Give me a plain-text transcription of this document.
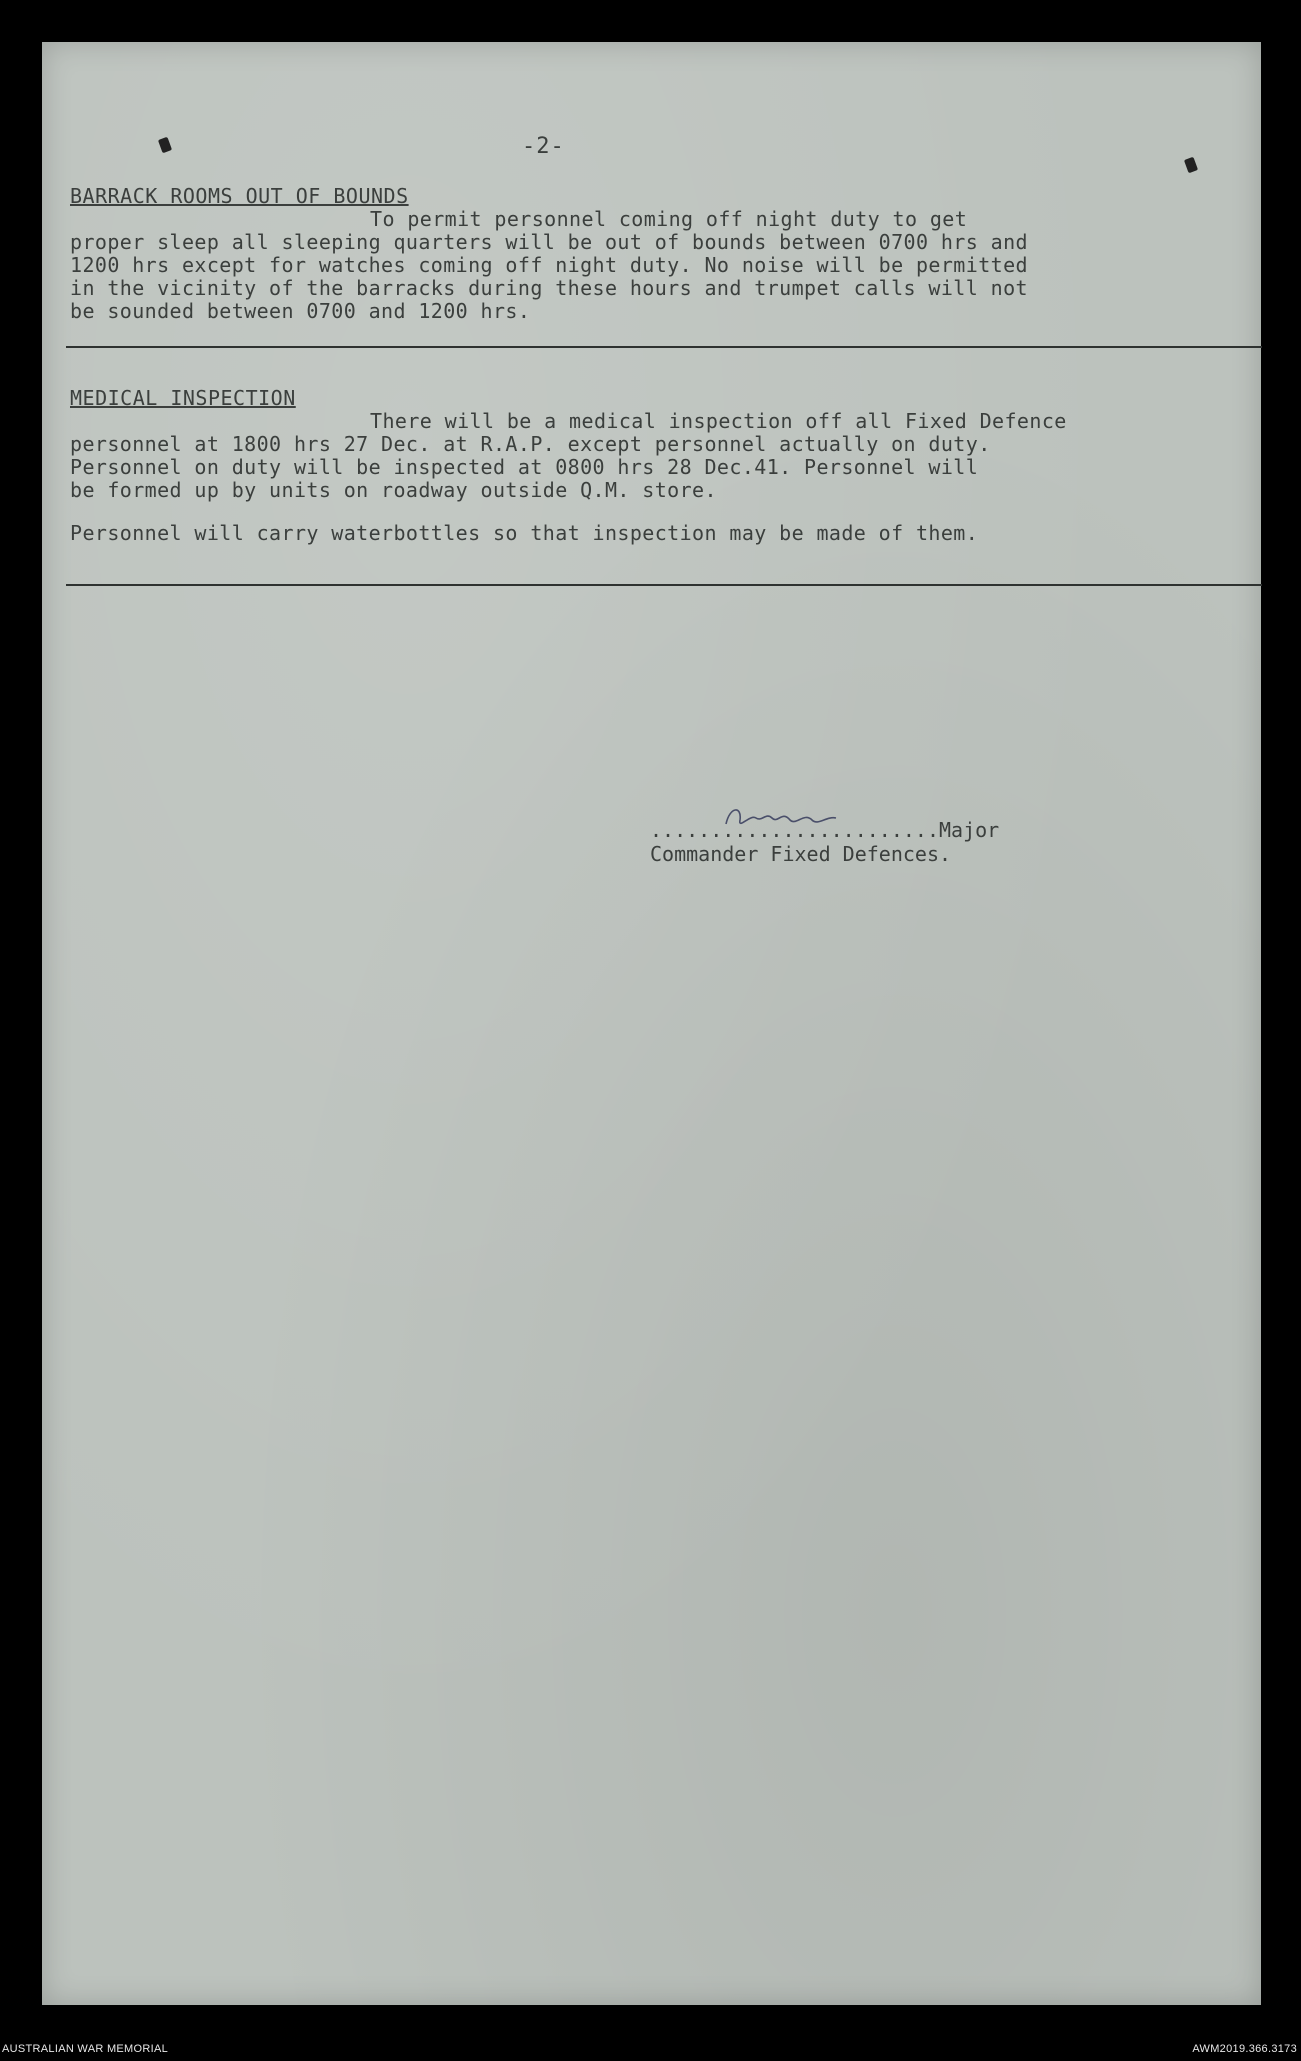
-2-
BARRACK ROOMS OUT OF BOUNDS

To permit personnel coming off night duty to get
proper sleep all sleeping quarters will be out of bounds between 0700 hrs and
1200 hrs except for watches coming off night duty. No noise will be permitted
in the vicinity of the barracks during these hours and trumpet calls will not
be sounded between 0700 and 1200 hrs.

MEDICAL INSPECTION

There will be a medical inspection off all Fixed Defence
personnel at 1800 hrs 27 Dec. at R.A.P. except personnel actually on duty.
Personnel on duty will be inspected at 0800 hrs 28 Dec.41. Personnel will
be formed up by units on roadway outside Q.M. store.

Personnel will carry waterbottles so that inspection may be made of them.

........................Major
Commander Fixed Defences.
AUSTRALIAN WAR MEMORIAL	AWM2019.366.3173
